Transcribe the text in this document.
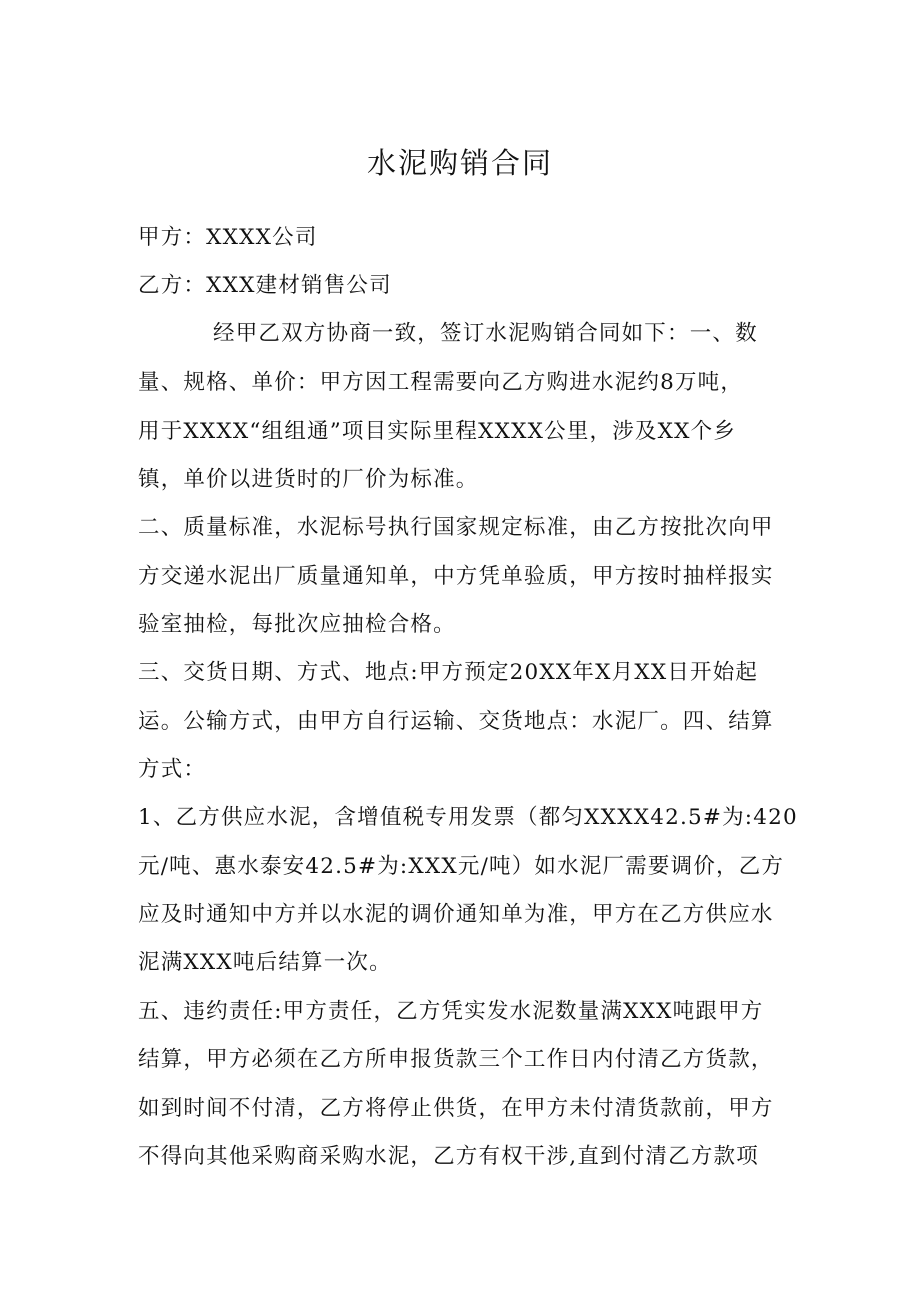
水泥购销合同
甲方：XXXX公司
乙方：XXX建材销售公司
经甲乙双方协商一致，签订水泥购销合同如下：一、数
量、规格、单价：甲方因工程需要向乙方购进水泥约8万吨，
用于XXXX“组组通”项目实际里程XXXX公里，涉及XX个乡
镇，单价以进货时的厂价为标准。
二、质量标准，水泥标号执行国家规定标准，由乙方按批次向甲
方交递水泥出厂质量通知单，中方凭单验质，甲方按时抽样报实
验室抽检，每批次应抽检合格。
三、交货日期、方式、地点:甲方预定20XX年X月XX日开始起
运。公输方式，由甲方自行运输、交货地点：水泥厂。四、结算
方式：
1、乙方供应水泥，含增值税专用发票（都匀XXXX42.5#为:420
元/吨、惠水泰安42.5#为:XXX元/吨）如水泥厂需要调价，乙方
应及时通知中方并以水泥的调价通知单为准，甲方在乙方供应水
泥满XXX吨后结算一次。
五、违约责任:甲方责任，乙方凭实发水泥数量满XXX吨跟甲方
结算，甲方必须在乙方所申报货款三个工作日内付清乙方货款，
如到时间不付清，乙方将停止供货，在甲方未付清货款前，甲方
不得向其他采购商采购水泥，乙方有权干涉,直到付清乙方款项
